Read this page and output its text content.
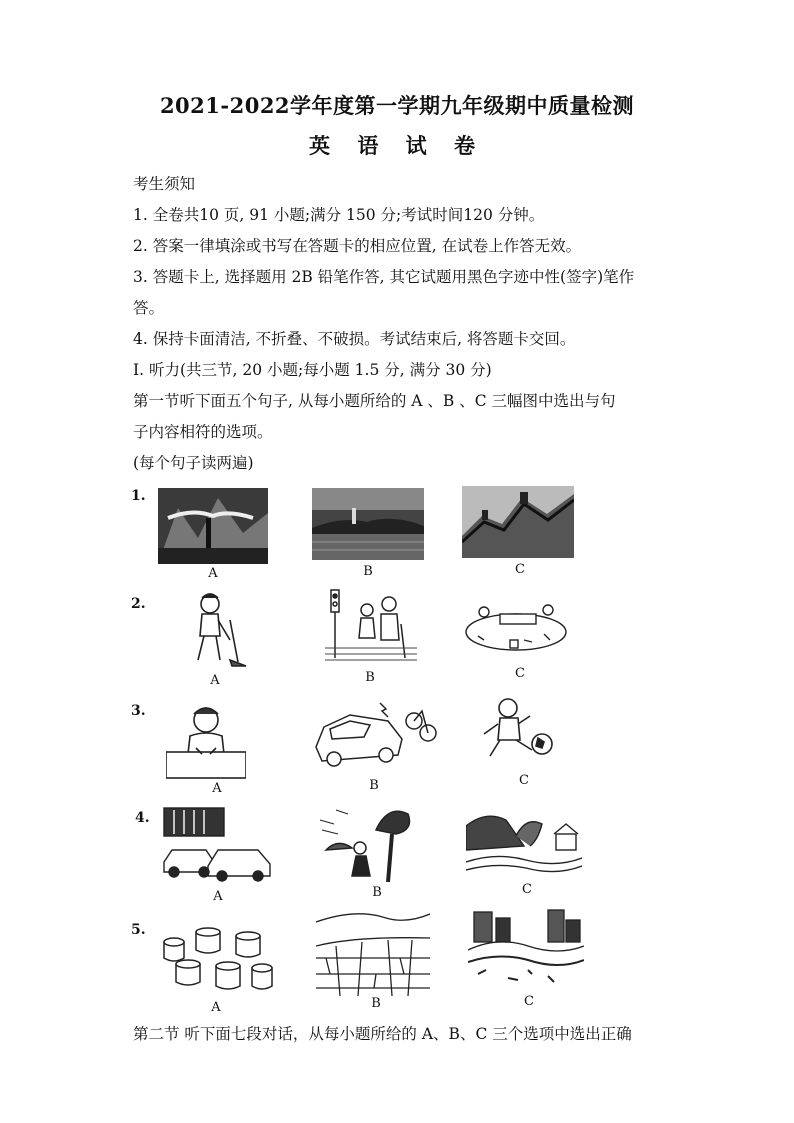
2021-2022学年度第一学期九年级期中质量检测
英 语 试 卷
考生须知
1. 全卷共10 页, 91 小题;满分 150 分;考试时间120 分钟。
2. 答案一律填涂或书写在答题卡的相应位置, 在试卷上作答无效。
3. 答题卡上, 选择题用 2B 铅笔作答, 其它试题用黑色字迹中性(签字)笔作
答。
4. 保持卡面清洁, 不折叠、不破损。考试结束后, 将答题卡交回。
I. 听力(共三节, 20 小题;每小题 1.5 分, 满分 30 分)
第一节听下面五个句子, 从每小题所给的 A 、B 、C 三幅图中选出与句
子内容相符的选项。
(每个句子读两遍)
1.
A	B	C
2.
A	B	C
3.
A	B	C
4.
A	B	C
5.
A	B	C
第二节 听下面七段对话，从每小题所给的 A、B、C 三个选项中选出正确
